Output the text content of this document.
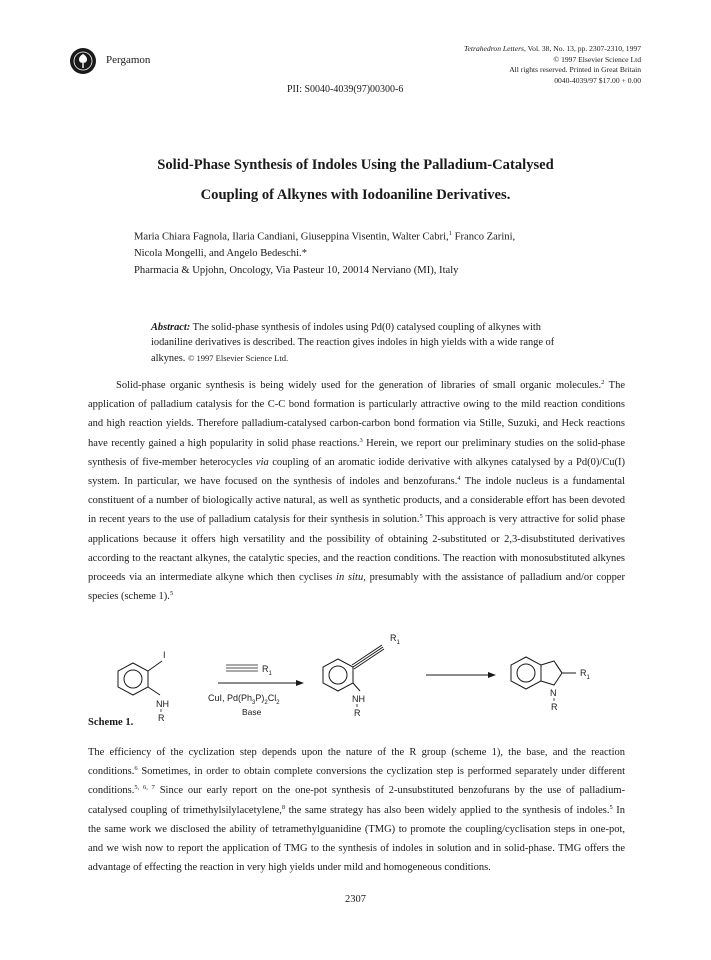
Pergamon
Tetrahedron Letters, Vol. 38, No. 13, pp. 2307-2310, 1997
© 1997 Elsevier Science Ltd
All rights reserved. Printed in Great Britain
0040-4039/97 $17.00 + 0.00
PII: S0040-4039(97)00300-6
Solid-Phase Synthesis of Indoles Using the Palladium-Catalysed
Coupling of Alkynes with Iodoaniline Derivatives.
Maria Chiara Fagnola, Ilaria Candiani, Giuseppina Visentin, Walter Cabri,$^1$ Franco Zarini,
Nicola Mongelli, and Angelo Bedeschi.*
Pharmacia & Upjohn, Oncology, Via Pasteur 10, 20014 Nerviano (MI), Italy
Abstract: The solid-phase synthesis of indoles using Pd(0) catalysed coupling of alkynes with iodaniline derivatives is described. The reaction gives indoles in high yields with a wide range of alkynes. © 1997 Elsevier Science Ltd.

Solid-phase organic synthesis is being widely used for the generation of libraries of small organic molecules.$^2$ The application of palladium catalysis for the C-C bond formation is particularly attractive owing to the mild reaction conditions and high reaction yields. Therefore palladium-catalysed carbon-carbon bond formation via Stille, Suzuki, and Heck reactions have recently gained a high popularity in solid phase reactions.$^3$ Herein, we report our preliminary studies on the solid-phase synthesis of five-member heterocycles via coupling of an aromatic iodide derivative with alkynes catalysed by a Pd(0)/Cu(I) system. In particular, we have focused on the synthesis of indoles and benzofurans.$^4$ The indole nucleus is a fundamental constituent of a number of biologically active natural, as well as synthetic products, and a considerable effort has been devoted in recent years to the use of palladium catalysis for their synthesis in solution.$^5$ This approach is very attractive for solid phase applications because it offers high versatility and the possibility of obtaining 2-substituted or 2,3-disubstituted derivatives according to the reactant alkynes, the catalytic species, and the reaction conditions. The reaction with monosubstituted alkynes proceeds via an intermediate alkyne which then cyclises in situ, presumably with the assistance of palladium and/or copper species (scheme 1).$^5$

I
NH
R
$R_1$
CuI, $Pd(Ph_3P)_2Cl_2$
Base
$R_1$
NH
R
$R_1$
N
R
Scheme 1.

The efficiency of the cyclization step depends upon the nature of the R group (scheme 1), the base, and the reaction conditions.$^6$ Sometimes, in order to obtain complete conversions the cyclization step is performed separately under different conditions.$^{5, 6, 7}$ Since our early report on the one-pot synthesis of 2-unsubstituted benzofurans by the use of palladium-catalysed coupling of trimethylsilylacetylene,$^8$ the same strategy has also been widely applied to the synthesis of indoles.$^5$ In the same work we disclosed the ability of tetramethylguanidine (TMG) to promote the coupling/cyclisation steps in one-pot, and we wish now to report the application of TMG to the synthesis of indoles in solution and in solid-phase. TMG offers the advantage of effecting the reaction in very high yields under mild and homogeneous conditions.

2307
